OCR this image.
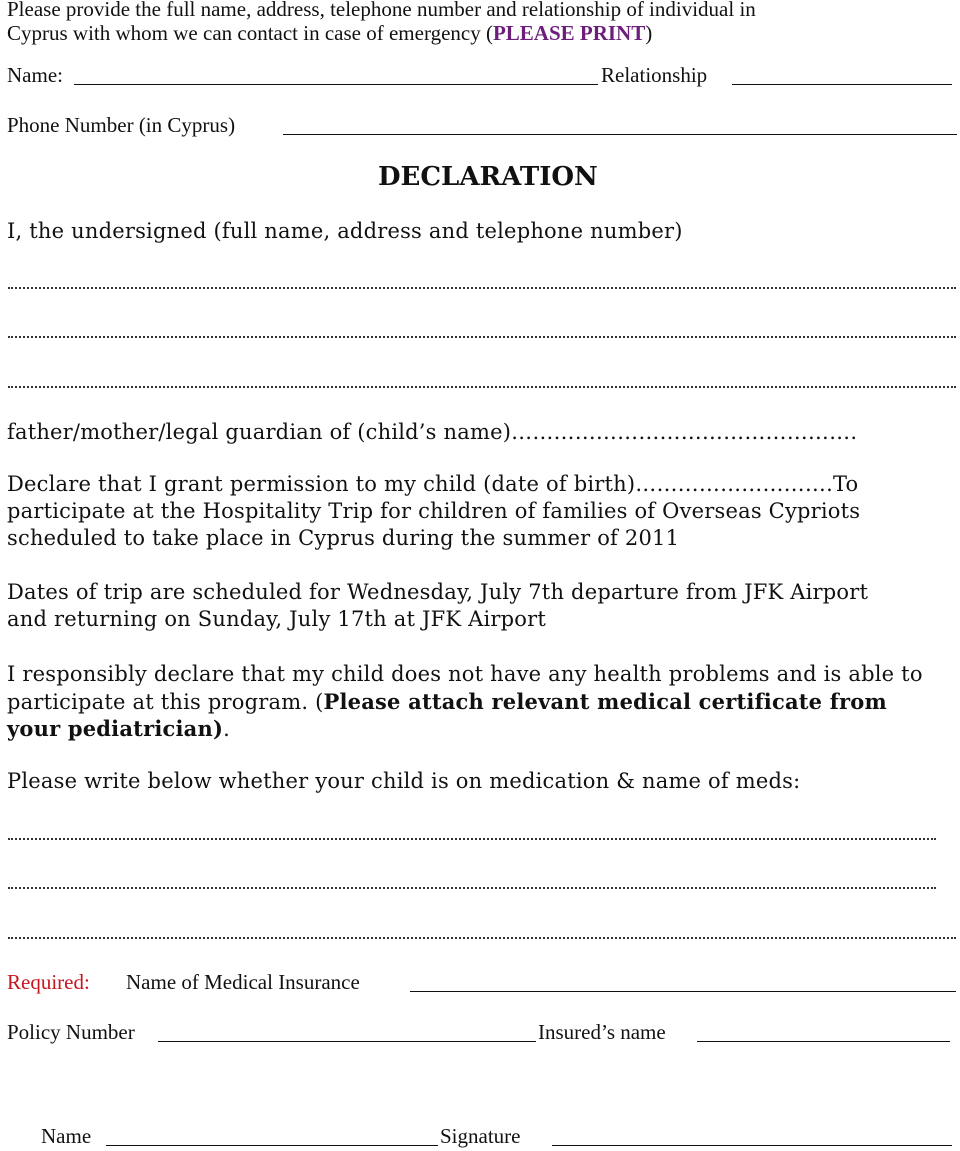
Please provide the full name, address, telephone number and relationship of individual in
Cyprus with whom we can contact in case of emergency (PLEASE PRINT)
Name:	Relationship
Phone Number (in Cyprus)
DECLARATION
I, the undersigned (full name, address and telephone number)
father/mother/legal guardian of (child’s name)………………………………………….
Declare that I grant permission to my child (date of birth)……………………….To
participate at the Hospitality Trip for children of families of Overseas Cypriots
scheduled to take place in Cyprus during the summer of 2011
Dates of trip are scheduled for Wednesday, July 7th departure from JFK Airport
and returning on Sunday, July 17th at JFK Airport
I responsibly declare that my child does not have any health problems and is able to
participate at this program. (Please attach relevant medical certificate from
your pediatrician).
Please write below whether your child is on medication & name of meds:
Required: Name of Medical Insurance
Policy Number	Insured’s name
Name	Signature
